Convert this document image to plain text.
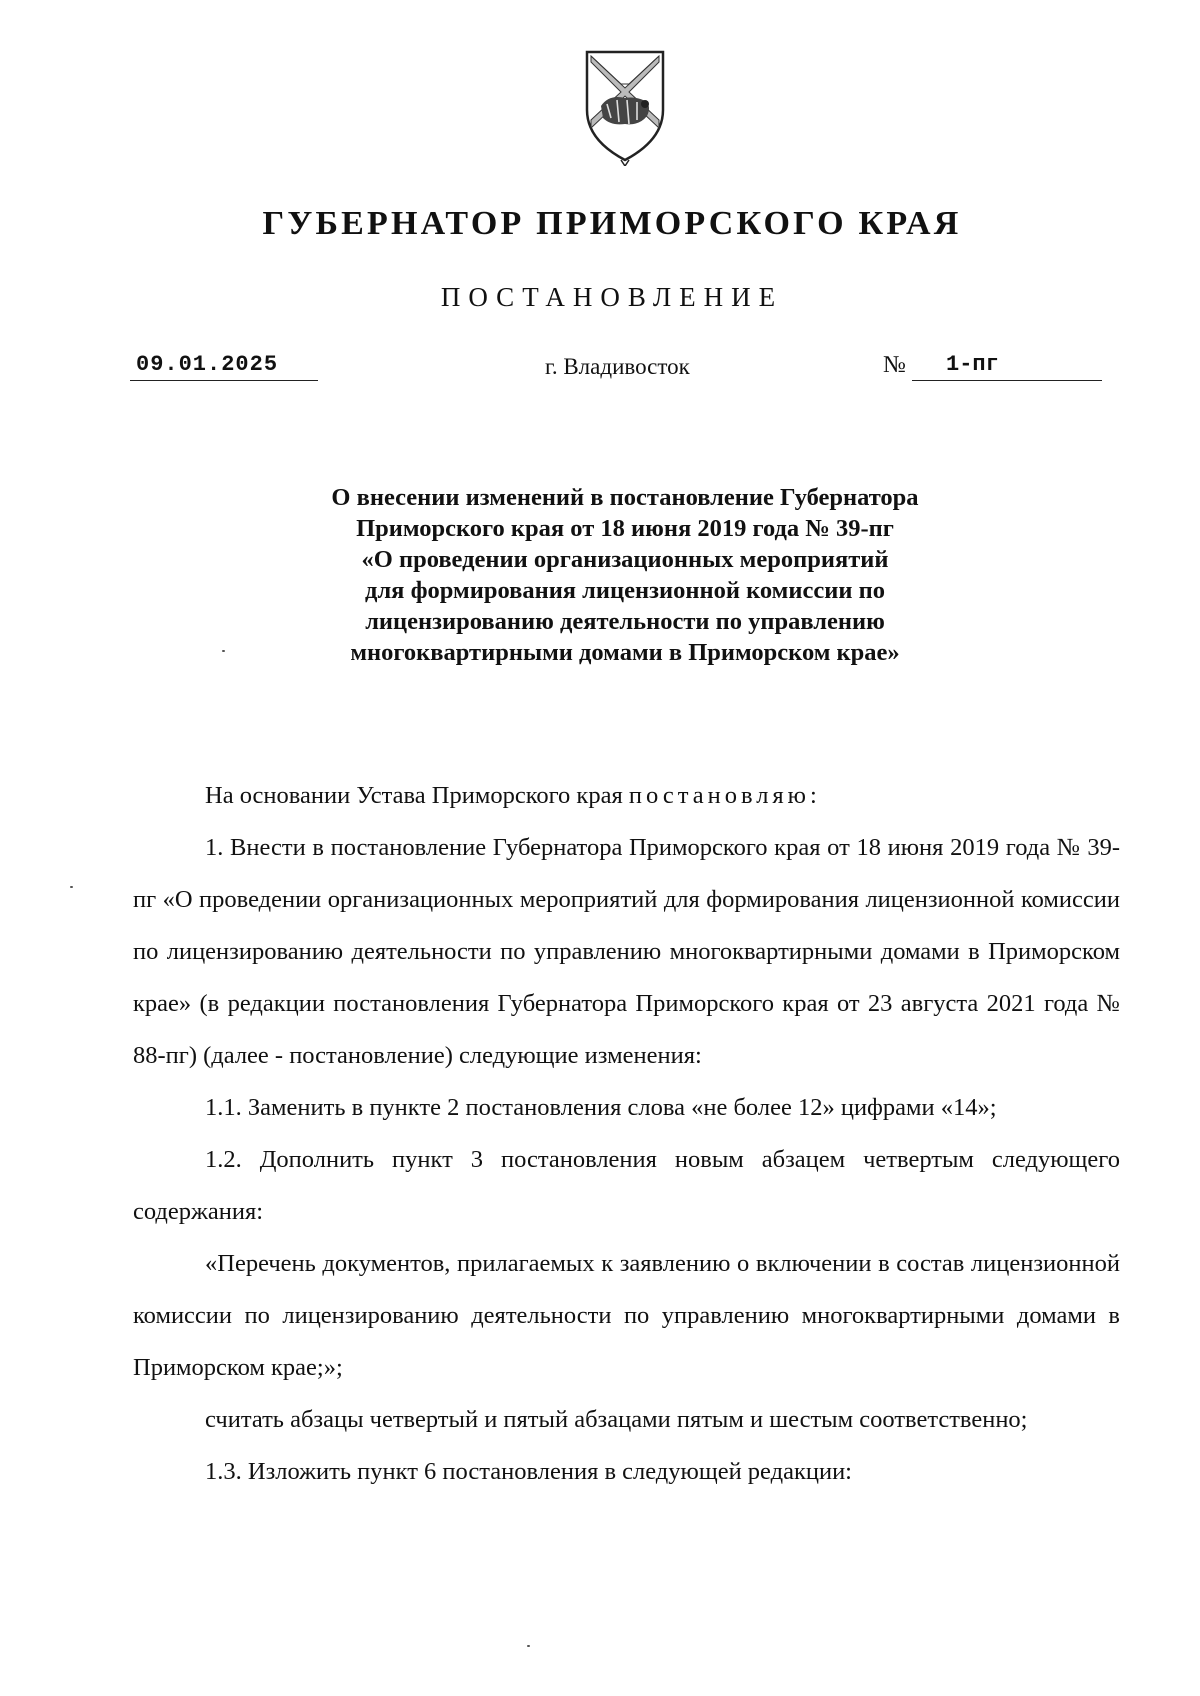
ГУБЕРНАТОР ПРИМОРСКОГО КРАЯ
ПОСТАНОВЛЕНИЕ
09.01.2025	г. Владивосток	№	1-пг
О внесении изменений в постановление Губернатора
Приморского края от 18 июня 2019 года № 39-пг
«О проведении организационных мероприятий
для формирования лицензионной комиссии по
лицензированию деятельности по управлению
многоквартирными домами в Приморском крае»

На основании Устава Приморского края постановляю:

1. Внести в постановление Губернатора Приморского края от 18 июня 2019 года № 39-пг «О проведении организационных мероприятий для формирования лицензионной комиссии по лицензированию деятельности по управлению многоквартирными домами в Приморском крае» (в редакции постановления Губернатора Приморского края от 23 августа 2021 года № 88-пг) (далее - постановление) следующие изменения:

1.1. Заменить в пункте 2 постановления слова «не более 12» цифрами «14»;

1.2. Дополнить пункт 3 постановления новым абзацем четвертым следующего содержания:

«Перечень документов, прилагаемых к заявлению о включении в состав лицензионной комиссии по лицензированию деятельности по управлению многоквартирными домами в Приморском крае;»;

считать абзацы четвертый и пятый абзацами пятым и шестым соответственно;

1.3. Изложить пункт 6 постановления в следующей редакции:
